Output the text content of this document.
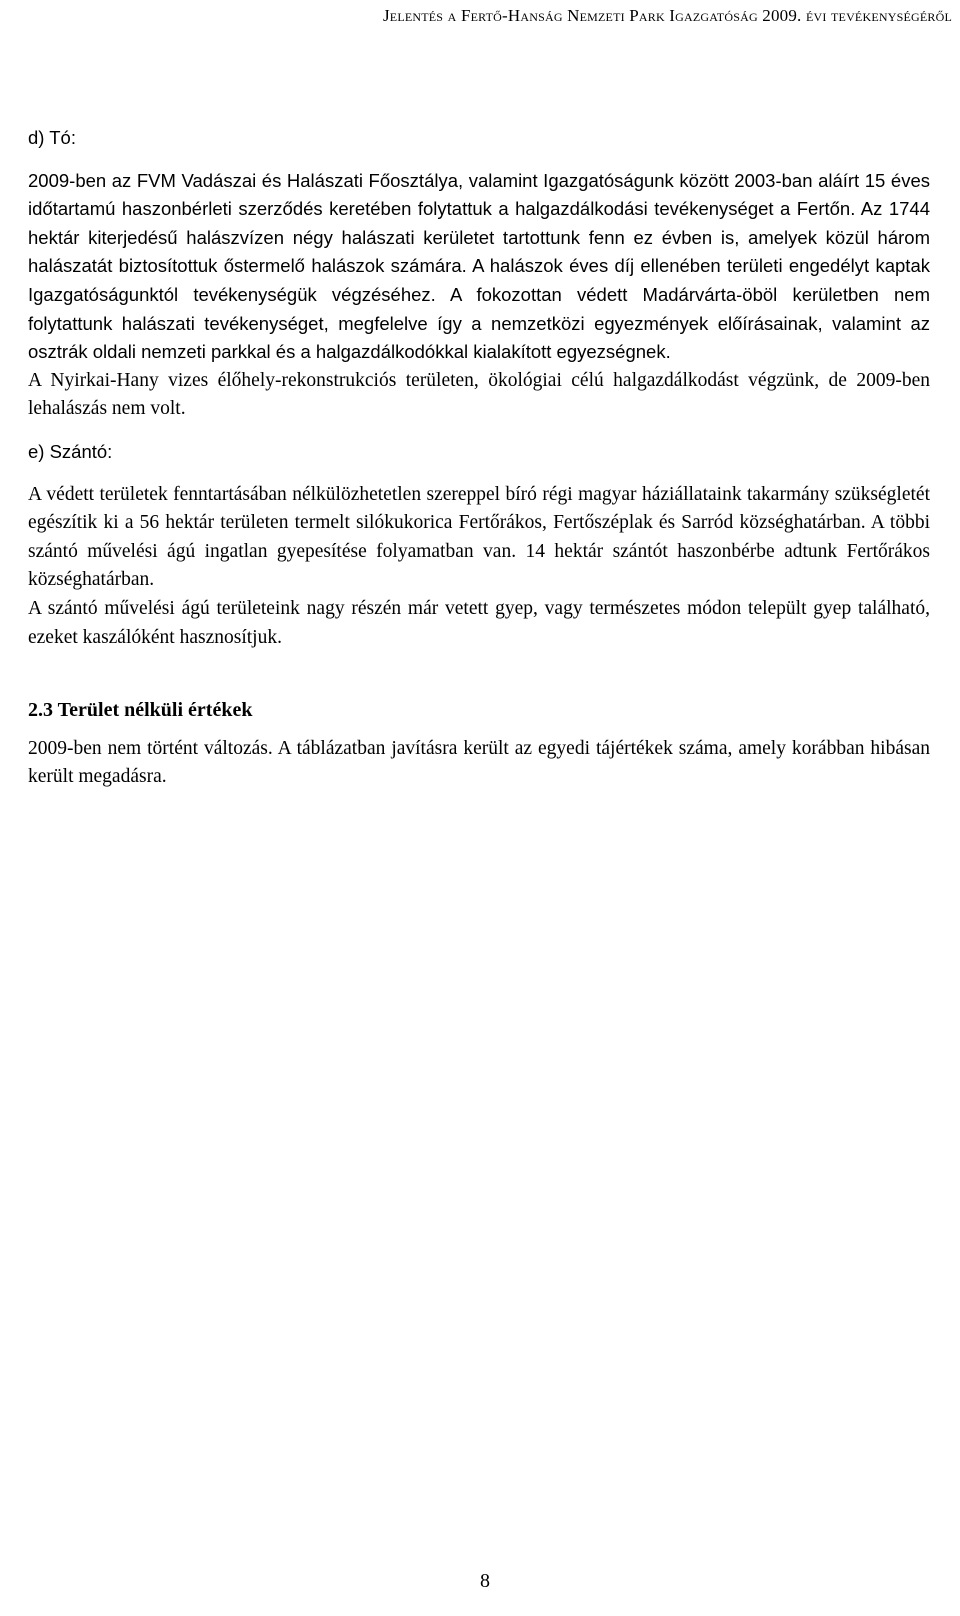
Jelentés a Fertő-Hanság Nemzeti Park Igazgatóság 2009. évi tevékenységéről
d) Tó:

2009-ben az FVM Vadászai és Halászati Főosztálya, valamint Igazgatóságunk között 2003-ban aláírt 15 éves időtartamú haszonbérleti szerződés keretében folytattuk a halgazdálkodási tevékenységet a Fertőn. Az 1744 hektár kiterjedésű halászvízen négy halászati kerületet tartottunk fenn ez évben is, amelyek közül három halászatát biztosítottuk őstermelő halászok számára. A halászok éves díj ellenében területi engedélyt kaptak Igazgatóságunktól tevékenységük végzéséhez. A fokozottan védett Madárvárta-öböl kerületben nem folytattunk halászati tevékenységet, megfelelve így a nemzetközi egyezmények előírásainak, valamint az osztrák oldali nemzeti parkkal és a halgazdálkodókkal kialakított egyezségnek.

A Nyirkai-Hany vizes élőhely-rekonstrukciós területen, ökológiai célú halgazdálkodást végzünk, de 2009-ben lehalászás nem volt.

e) Szántó:

A védett területek fenntartásában nélkülözhetetlen szereppel bíró régi magyar háziállataink takarmány szükségletét egészítik ki a 56 hektár területen termelt silókukorica Fertőrákos, Fertőszéplak és Sarród községhatárban. A többi szántó művelési ágú ingatlan gyepesítése folyamatban van. 14 hektár szántót haszonbérbe adtunk Fertőrákos községhatárban.

A szántó művelési ágú területeink nagy részén már vetett gyep, vagy természetes módon települt gyep található, ezeket kaszálóként hasznosítjuk.

2.3 Terület nélküli értékek

2009-ben nem történt változás. A táblázatban javításra került az egyedi tájértékek száma, amely korábban hibásan került megadásra.

8
